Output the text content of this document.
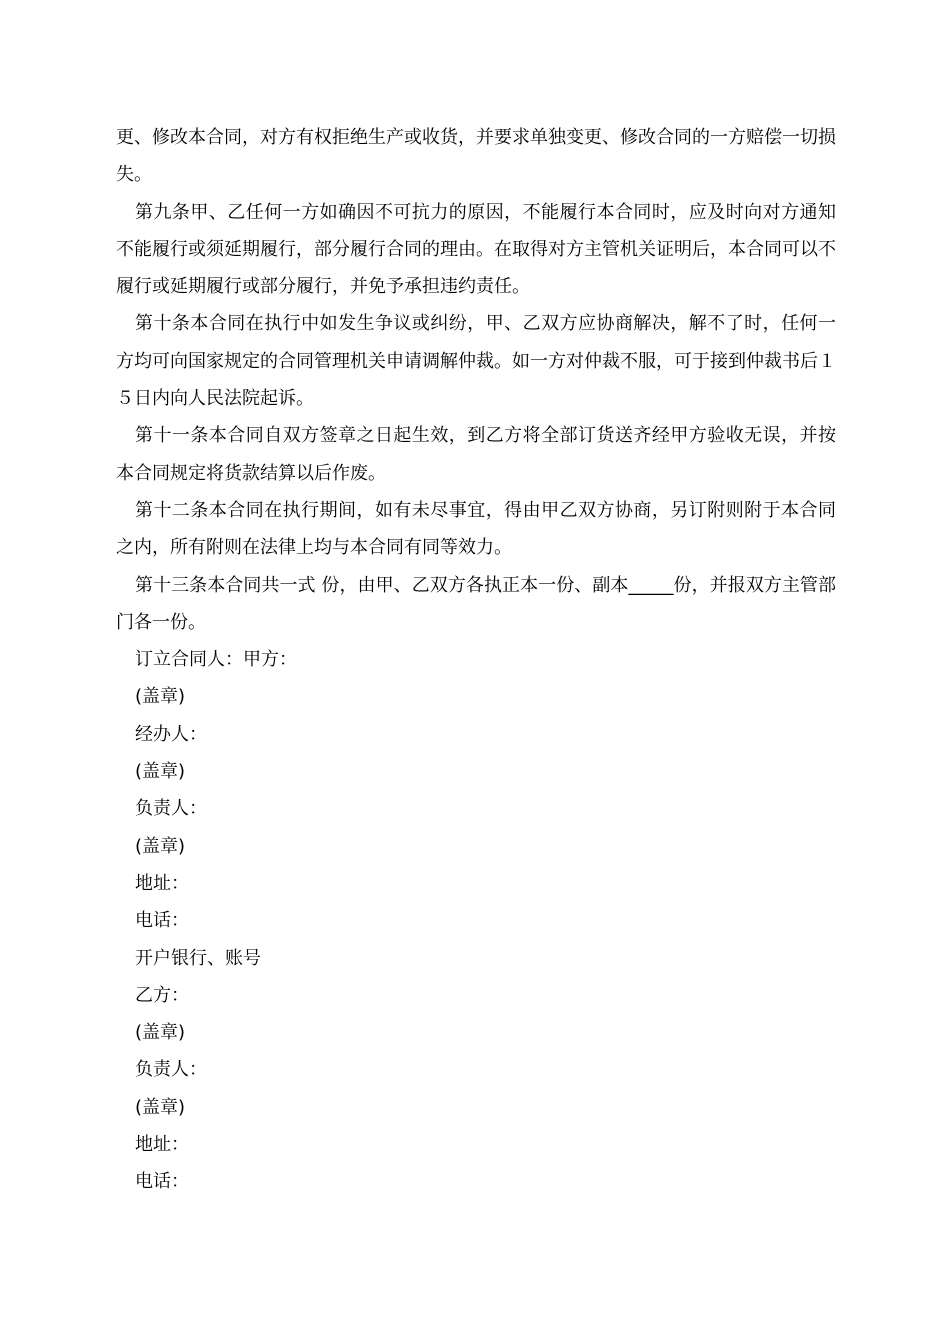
更、修改本合同，对方有权拒绝生产或收货，并要求单独变更、修改合同的一方赔偿一切损失。

第九条甲、乙任何一方如确因不可抗力的原因，不能履行本合同时，应及时向对方通知不能履行或须延期履行，部分履行合同的理由。在取得对方主管机关证明后，本合同可以不履行或延期履行或部分履行，并免予承担违约责任。

第十条本合同在执行中如发生争议或纠纷，甲、乙双方应协商解决，解不了时，任何一方均可向国家规定的合同管理机关申请调解仲裁。如一方对仲裁不服，可于接到仲裁书后１５日内向人民法院起诉。

第十一条本合同自双方签章之日起生效，到乙方将全部订货送齐经甲方验收无误，并按本合同规定将货款结算以后作废。

第十二条本合同在执行期间，如有未尽事宜，得由甲乙双方协商，另订附则附于本合同之内，所有附则在法律上均与本合同有同等效力。

第十三条本合同共一式 份，由甲、乙双方各执正本一份、副本_____份，并报双方主管部门各一份。

订立合同人：甲方：

(盖章)

经办人：

(盖章)

负责人：

(盖章)

地址：

电话：

开户银行、账号

乙方：

(盖章)

负责人：

(盖章)

地址：

电话：
